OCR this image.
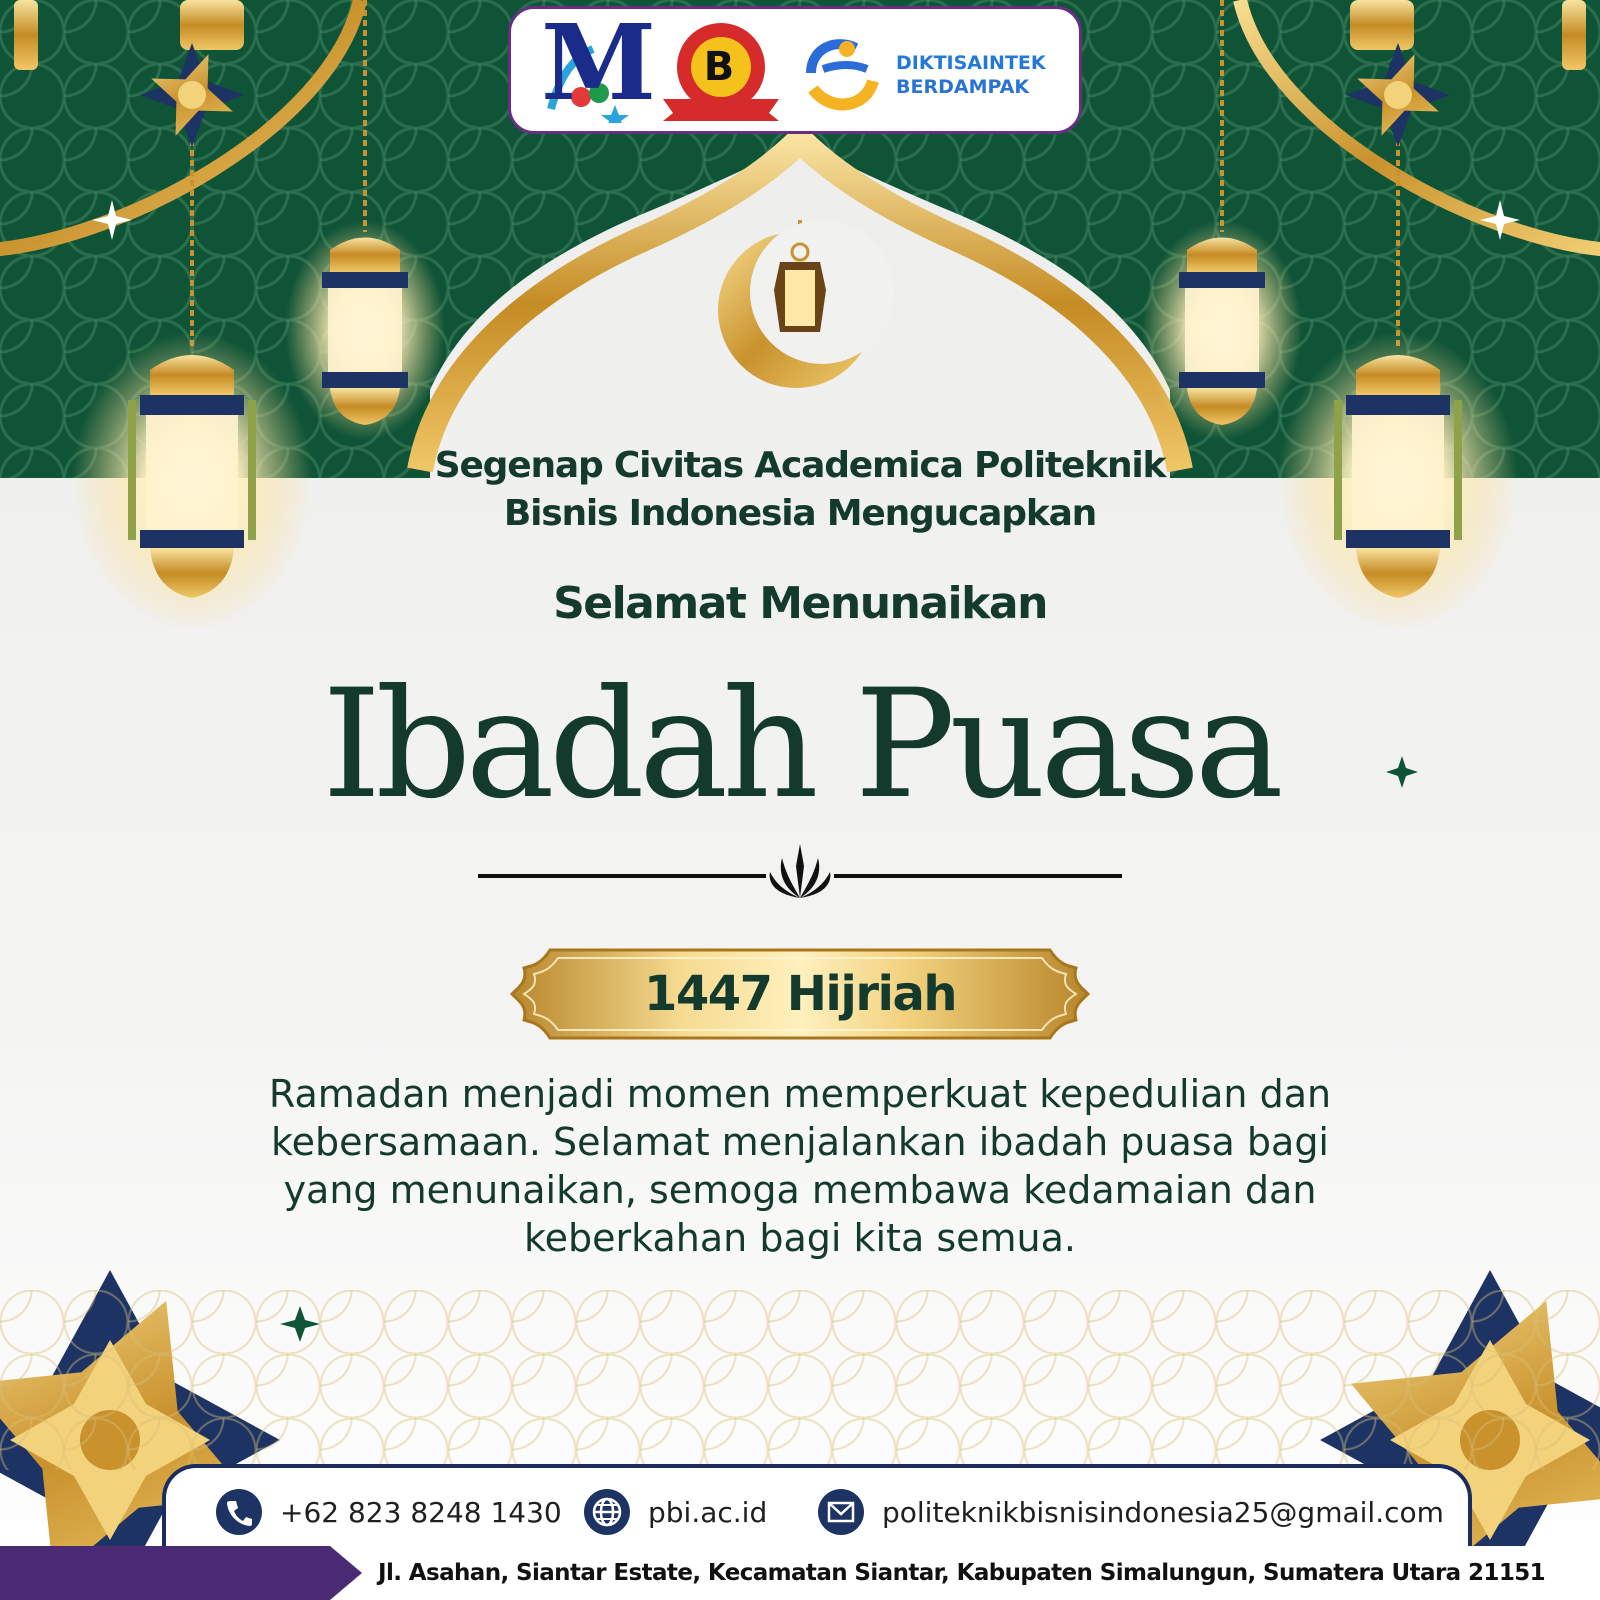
M B	DIKTISAINTEK
BERDAMPAK
Segenap Civitas Academica Politeknik
Bisnis Indonesia Mengucapkan
Selamat Menunaikan
Ibadah Puasa
1447 Hijriah
Ramadan menjadi momen memperkuat kepedulian dan
kebersamaan. Selamat menjalankan ibadah puasa bagi
yang menunaikan, semoga membawa kedamaian dan
keberkahan bagi kita semua.
+62 823 8248 1430	pbi.ac.id	politeknikbisnisindonesia25@gmail.com
Jl. Asahan, Siantar Estate, Kecamatan Siantar, Kabupaten Simalungun, Sumatera Utara 21151
